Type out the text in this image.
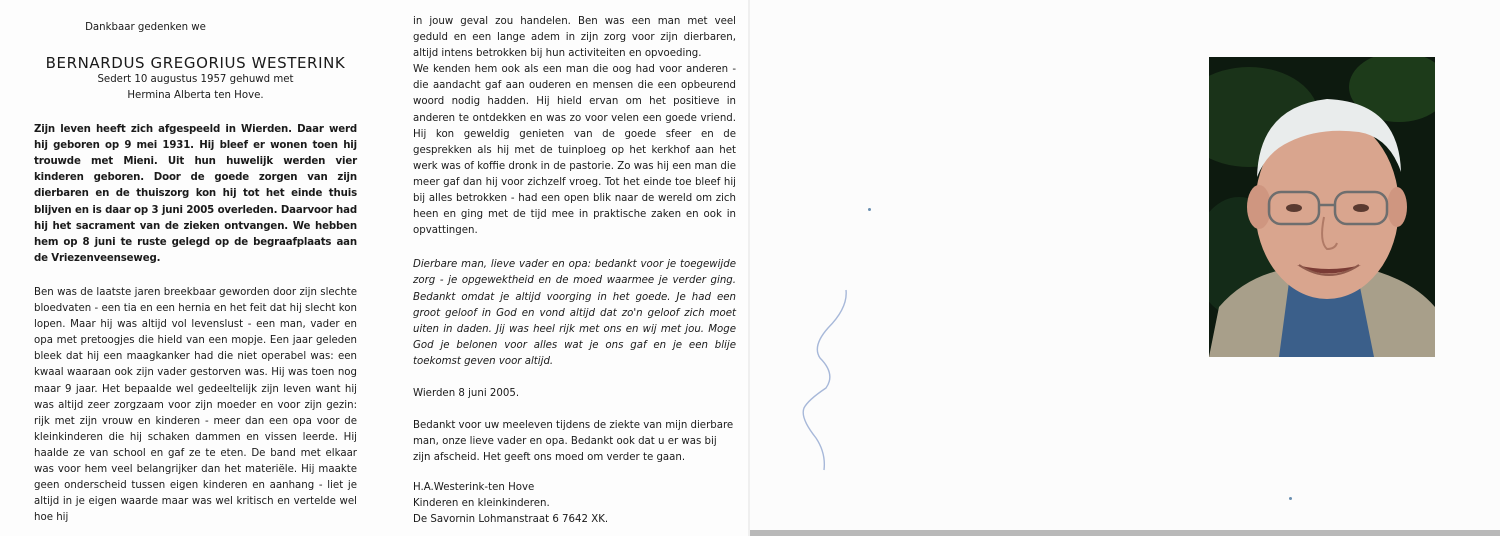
Dankbaar gedenken we
BERNARDUS GREGORIUS WESTERINK
Sedert 10 augustus 1957 gehuwd met
Hermina Alberta ten Hove.

Zijn leven heeft zich afgespeeld in Wierden. Daar werd hij geboren op 9 mei 1931. Hij bleef er wonen toen hij trouwde met Mieni. Uit hun huwelijk werden vier kinderen geboren. Door de goede zorgen van zijn dierbaren en de thuiszorg kon hij tot het einde thuis blijven en is daar op 3 juni 2005 overleden. Daarvoor had hij het sacrament van de zieken ontvangen. We hebben hem op 8 juni te ruste gelegd op de begraafplaats aan de Vriezenveenseweg.

Ben was de laatste jaren breekbaar geworden door zijn slechte bloedvaten - een tia en een hernia en het feit dat hij slecht kon lopen. Maar hij was altijd vol levenslust - een man, vader en opa met pretoogjes die hield van een mopje. Een jaar geleden bleek dat hij een maagkanker had die niet operabel was: een kwaal waaraan ook zijn vader gestorven was. Hij was toen nog maar 9 jaar. Het bepaalde wel gedeeltelijk zijn leven want hij was altijd zeer zorgzaam voor zijn moeder en voor zijn gezin: rijk met zijn vrouw en kinderen - meer dan een opa voor de kleinkinderen die hij schaken dammen en vissen leerde. Hij haalde ze van school en gaf ze te eten. De band met elkaar was voor hem veel belangrijker dan het materiële. Hij maakte geen onderscheid tussen eigen kinderen en aanhang - liet je altijd in je eigen waarde maar was wel kritisch en vertelde wel hoe hij

in jouw geval zou handelen. Ben was een man met veel geduld en een lange adem in zijn zorg voor zijn dierbaren, altijd intens betrokken bij hun activiteiten en opvoeding.

We kenden hem ook als een man die oog had voor anderen - die aandacht gaf aan ouderen en mensen die een opbeurend woord nodig hadden. Hij hield ervan om het positieve in anderen te ontdekken en was zo voor velen een goede vriend. Hij kon geweldig genieten van de goede sfeer en de gesprekken als hij met de tuinploeg op het kerkhof aan het werk was of koffie dronk in de pastorie. Zo was hij een man die meer gaf dan hij voor zichzelf vroeg. Tot het einde toe bleef hij bij alles betrokken - had een open blik naar de wereld om zich heen en ging met de tijd mee in praktische zaken en ook in opvattingen.

Dierbare man, lieve vader en opa: bedankt voor je toegewijde zorg - je opgewektheid en de moed waarmee je verder ging. Bedankt omdat je altijd voorging in het goede. Je had een groot geloof in God en vond altijd dat zo'n geloof zich moet uiten in daden. Jij was heel rijk met ons en wij met jou. Moge God je belonen voor alles wat je ons gaf en je een blije toekomst geven voor altijd.

Wierden 8 juni 2005.

Bedankt voor uw meeleven tijdens de ziekte van mijn dierbare man, onze lieve vader en opa. Bedankt ook dat u er was bij zijn afscheid. Het geeft ons moed om verder te gaan.

H.A.Westerink-ten Hove
Kinderen en kleinkinderen.
De Savornin Lohmanstraat 6 7642 XK.
